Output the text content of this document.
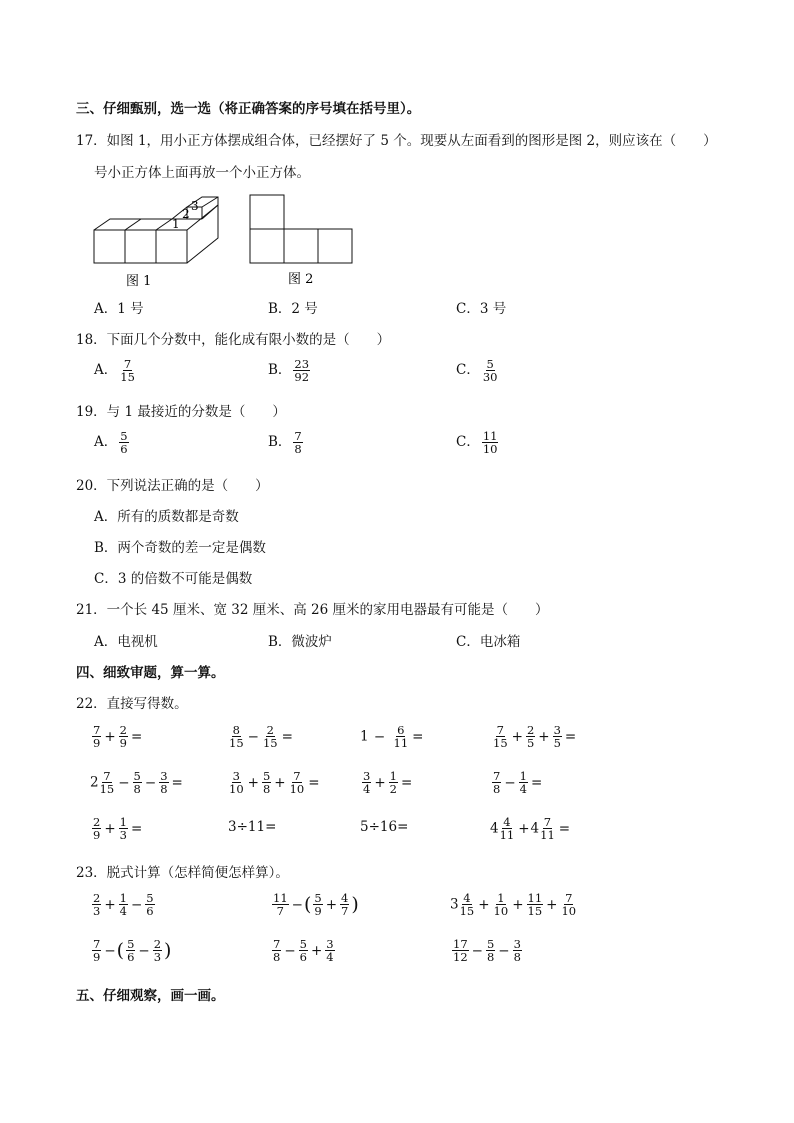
三、仔细甄别，选一选（将正确答案的序号填在括号里）。
17．如图 1，用小正方体摆成组合体，已经摆好了 5 个。现要从左面看到的图形是图 2，则应该在（　　）
号小正方体上面再放一个小正方体。
1
2
3
图 1	图 2
A．1 号	B．2 号	C．3 号
18．下面几个分数中，能化成有限小数的是（　　）
A． $\frac{7}{15}$	B． $\frac{23}{92}$	C． $\frac{5}{30}$
19．与 1 最接近的分数是（　　）
A． $\frac{5}{6}$	B． $\frac{7}{8}$	C． $\frac{11}{10}$
20．下列说法正确的是（　　）
A．所有的质数都是奇数
B．两个奇数的差一定是偶数
C．3 的倍数不可能是偶数
21．一个长 45 厘米、宽 32 厘米、高 26 厘米的家用电器最有可能是（　　）
A．电视机	B．微波炉	C．电冰箱
四、细致审题，算一算。
22．直接写得数。
$\frac{7}{9} + \frac{2}{9}$ =	$\frac{8}{15} - \frac{2}{15}$ =	$1 - \frac{6}{11}$ =	$\frac{7}{15} + \frac{2}{5} + \frac{3}{5}$ =
$2 \frac{7}{15} - \frac{5}{8} - \frac{3}{8}$ =	$\frac{3}{10} + \frac{5}{8} + \frac{7}{10}$ =	$\frac{3}{4} + \frac{1}{2}$ =	$\frac{7}{8} - \frac{1}{4}$ =
$\frac{2}{9} + \frac{1}{3}$ =	3÷11=	5÷16=	$4 \frac{4}{11} +4 \frac{7}{11}$ =
23．脱式计算（怎样简便怎样算）。
$\frac{2}{3} + \frac{1}{4} - \frac{5}{6}$	$\frac{11}{7}$ −( $\frac{5}{9} + \frac{4}{7}$ )	$3 \frac{4}{15} + \frac{1}{10} + \frac{11}{15} + \frac{7}{10}$
$\frac{7}{9}$ −( $\frac{5}{6} - \frac{2}{3}$ )	$\frac{7}{8} - \frac{5}{6} + \frac{3}{4}$	$\frac{17}{12} - \frac{5}{8} - \frac{3}{8}$
五、仔细观察，画一画。
